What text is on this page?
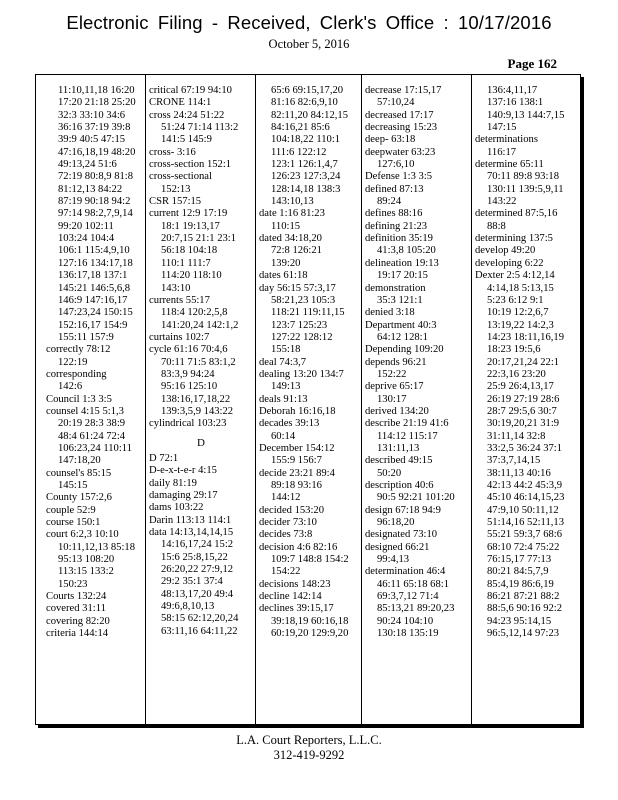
Electronic Filing - Received, Clerk's Office : 10/17/2016
October 5, 2016
Page 162
11:10,11,18 16:20
17:20 21:18 25:20
32:3 33:10 34:6
36:16 37:19 39:8
39:9 40:5 47:15
47:16,18,19 48:20
49:13,24 51:6
72:19 80:8,9 81:8
81:12,13 84:22
87:19 90:18 94:2
97:14 98:2,7,9,14
99:20 102:11
103:24 104:4
106:1 115:4,9,10
127:16 134:17,18
136:17,18 137:1
145:21 146:5,6,8
146:9 147:16,17
147:23,24 150:15
152:16,17 154:9
155:11 157:9
correctly 78:12
122:19
corresponding
142:6
Council 1:3 3:5
counsel 4:15 5:1,3
20:19 28:3 38:9
48:4 61:24 72:4
106:23,24 110:11
147:18,20
counsel's 85:15
145:15
County 157:2,6
couple 52:9
course 150:1
court 6:2,3 10:10
10:11,12,13 85:18
95:13 108:20
113:15 133:2
150:23
Courts 132:24
covered 31:11
covering 82:20
criteria 144:14
critical 67:19 94:10
CRONE 114:1
cross 24:24 51:22
51:24 71:14 113:2
141:5 145:9
cross- 3:16
cross-section 152:1
cross-sectional
152:13
CSR 157:15
current 12:9 17:19
18:1 19:13,17
20:7,15 21:1 23:1
56:18 104:18
110:1 111:7
114:20 118:10
143:10
currents 55:17
118:4 120:2,5,8
141:20,24 142:1,2
curtains 102:7
cycle 61:16 70:4,6
70:11 71:5 83:1,2
83:3,9 94:24
95:16 125:10
138:16,17,18,22
139:3,5,9 143:22
cylindrical 103:23
D
D 72:1
D-e-x-t-e-r 4:15
daily 81:19
damaging 29:17
dams 103:22
Darin 113:13 114:1
data 14:13,14,14,15
14:16,17,24 15:2
15:6 25:8,15,22
26:20,22 27:9,12
29:2 35:1 37:4
48:13,17,20 49:4
49:6,8,10,13
58:15 62:12,20,24
63:11,16 64:11,22
65:6 69:15,17,20
81:16 82:6,9,10
82:11,20 84:12,15
84:16,21 85:6
104:18,22 110:1
111:6 122:12
123:1 126:1,4,7
126:23 127:3,24
128:14,18 138:3
143:10,13
date 1:16 81:23
110:15
dated 34:18,20
72:8 126:21
139:20
dates 61:18
day 56:15 57:3,17
58:21,23 105:3
118:21 119:11,15
123:7 125:23
127:22 128:12
155:18
deal 74:3,7
dealing 13:20 134:7
149:13
deals 91:13
Deborah 16:16,18
decades 39:13
60:14
December 154:12
155:9 156:7
decide 23:21 89:4
89:18 93:16
144:12
decided 153:20
decider 73:10
decides 73:8
decision 4:6 82:16
109:7 148:8 154:2
154:22
decisions 148:23
decline 142:14
declines 39:15,17
39:18,19 60:16,18
60:19,20 129:9,20
decrease 17:15,17
57:10,24
decreased 17:17
decreasing 15:23
deep- 63:18
deepwater 63:23
127:6,10
Defense 1:3 3:5
defined 87:13
89:24
defines 88:16
defining 21:23
definition 35:19
41:3,8 105:20
delineation 19:13
19:17 20:15
demonstration
35:3 121:1
denied 3:18
Department 40:3
64:12 128:1
Depending 109:20
depends 96:21
152:22
deprive 65:17
130:17
derived 134:20
describe 21:19 41:6
114:12 115:17
131:11,13
described 49:15
50:20
description 40:6
90:5 92:21 101:20
design 67:18 94:9
96:18,20
designated 73:10
designed 66:21
99:4,13
determination 46:4
46:11 65:18 68:1
69:3,7,12 71:4
85:13,21 89:20,23
90:24 104:10
130:18 135:19
136:4,11,17
137:16 138:1
140:9,13 144:7,15
147:15
determinations
116:17
determine 65:11
70:11 89:8 93:18
130:11 139:5,9,11
143:22
determined 87:5,16
88:8
determining 137:5
develop 49:20
developing 6:22
Dexter 2:5 4:12,14
4:14,18 5:13,15
5:23 6:12 9:1
10:19 12:2,6,7
13:19,22 14:2,3
14:23 18:11,16,19
18:23 19:5,6
20:17,21,24 22:1
22:3,16 23:20
25:9 26:4,13,17
26:19 27:19 28:6
28:7 29:5,6 30:7
30:19,20,21 31:9
31:11,14 32:8
33:2,5 36:24 37:1
37:3,7,14,15
38:11,13 40:16
42:13 44:2 45:3,9
45:10 46:14,15,23
47:9,10 50:11,12
51:14,16 52:11,13
55:21 59:3,7 68:6
68:10 72:4 75:22
76:15,17 77:13
80:21 84:5,7,9
85:4,19 86:6,19
86:21 87:21 88:2
88:5,6 90:16 92:2
94:23 95:14,15
96:5,12,14 97:23
L.A. Court Reporters, L.L.C.
312-419-9292
